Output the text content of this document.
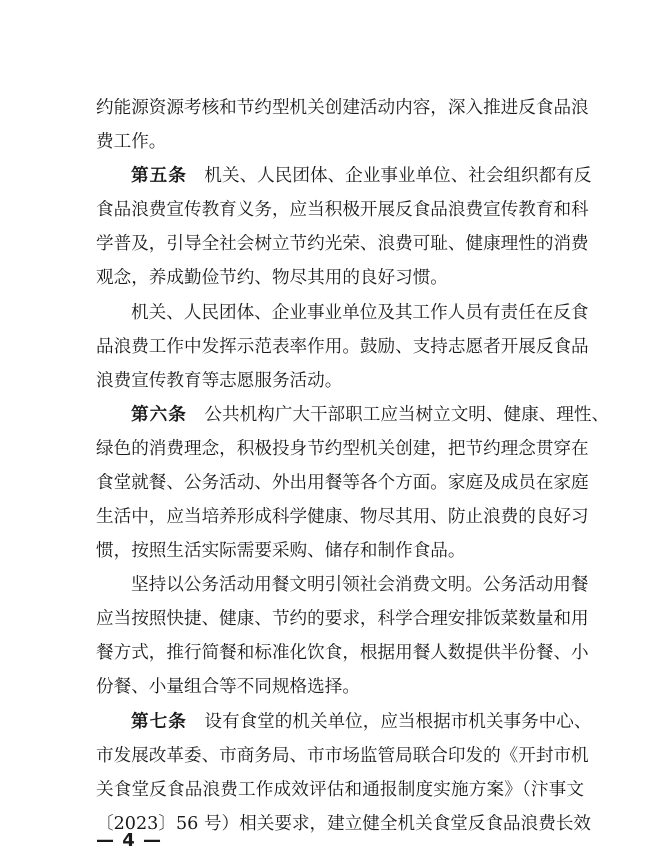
约能源资源考核和节约型机关创建活动内容，深入推进反食品浪
费工作。
第五条　机关、人民团体、企业事业单位、社会组织都有反
食品浪费宣传教育义务，应当积极开展反食品浪费宣传教育和科
学普及，引导全社会树立节约光荣、浪费可耻、健康理性的消费
观念，养成勤俭节约、物尽其用的良好习惯。
机关、人民团体、企业事业单位及其工作人员有责任在反食
品浪费工作中发挥示范表率作用。鼓励、支持志愿者开展反食品
浪费宣传教育等志愿服务活动。
第六条　公共机构广大干部职工应当树立文明、健康、理性、
绿色的消费理念，积极投身节约型机关创建，把节约理念贯穿在
食堂就餐、公务活动、外出用餐等各个方面。家庭及成员在家庭
生活中，应当培养形成科学健康、物尽其用、防止浪费的良好习
惯，按照生活实际需要采购、储存和制作食品。
坚持以公务活动用餐文明引领社会消费文明。公务活动用餐
应当按照快捷、健康、节约的要求，科学合理安排饭菜数量和用
餐方式，推行简餐和标准化饮食，根据用餐人数提供半份餐、小
份餐、小量组合等不同规格选择。
第七条　设有食堂的机关单位，应当根据市机关事务中心、
市发展改革委、市商务局、市市场监管局联合印发的《开封市机
关食堂反食品浪费工作成效评估和通报制度实施方案》（汴事文
〔2023〕56 号）相关要求，建立健全机关食堂反食品浪费长效
— 4 —
